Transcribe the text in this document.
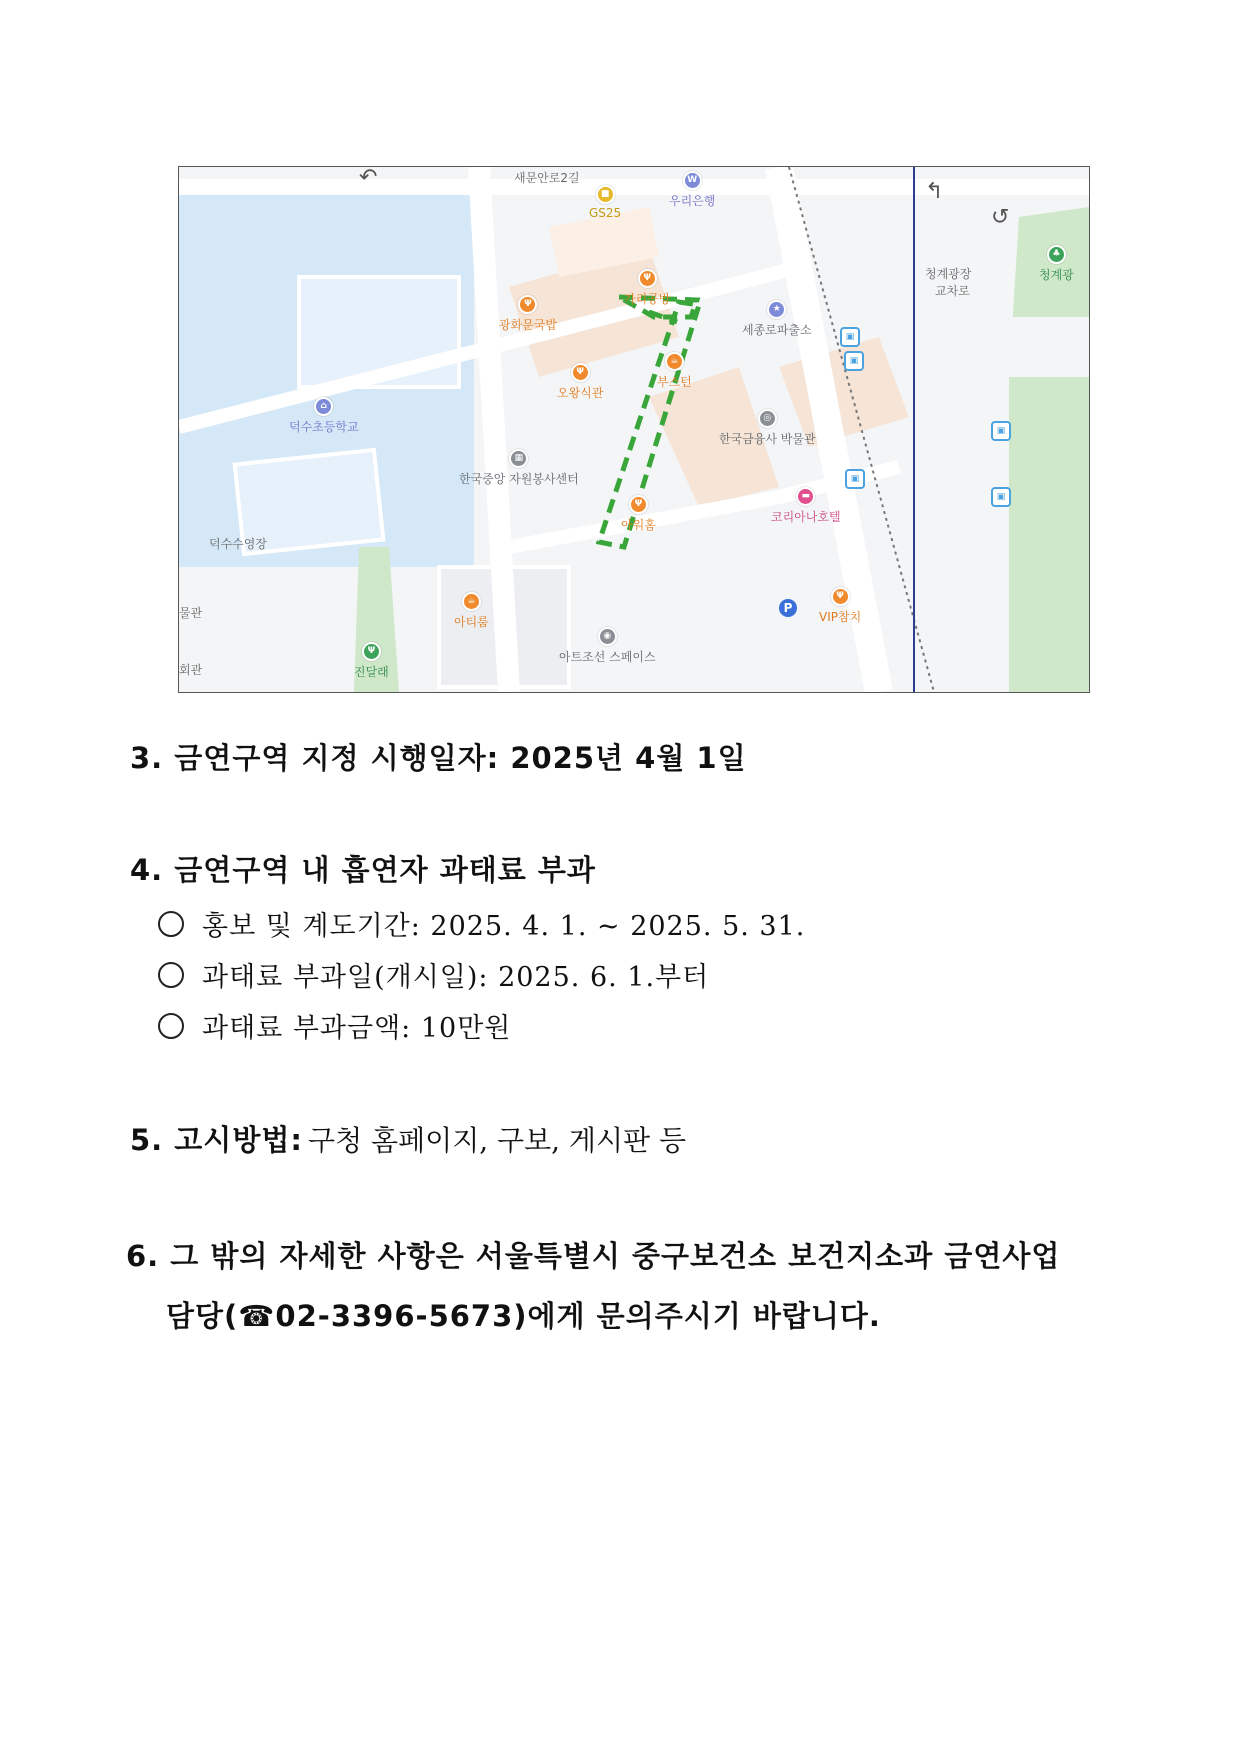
새문안로2길
↶
↰
↺
W
우리은행
■
GS25
Ψ
가리공방
Ψ
광화문국밥
★
세종로파출소
청계광장
교차로
♣
청계광
Ψ
오왕식관
☕
부스턴
⌂
덕수초등학교
◎
한국금융사 박물관
▦
한국중앙 자원봉사센터
Ψ
아워홈
▬
코리아나호텔
덕수수영장
물관
회관
☕
아티룸
P
Ψ
VIP참치
◉
아트조선 스페이스
Ψ
진달래
▣
▣
▣
▣
▣
3. 금연구역 지정 시행일자: 2025년 4월 1일
4. 금연구역 내 흡연자 과태료 부과
홍보 및 계도기간: 2025. 4. 1. ~ 2025. 5. 31.
과태료 부과일(개시일): 2025. 6. 1.부터
과태료 부과금액: 10만원
5. 고시방법: 구청 홈페이지, 구보, 게시판 등
6. 그 밖의 자세한 사항은 서울특별시 중구보건소 보건지소과 금연사업
담당(☎02-3396-5673)에게 문의주시기 바랍니다.
